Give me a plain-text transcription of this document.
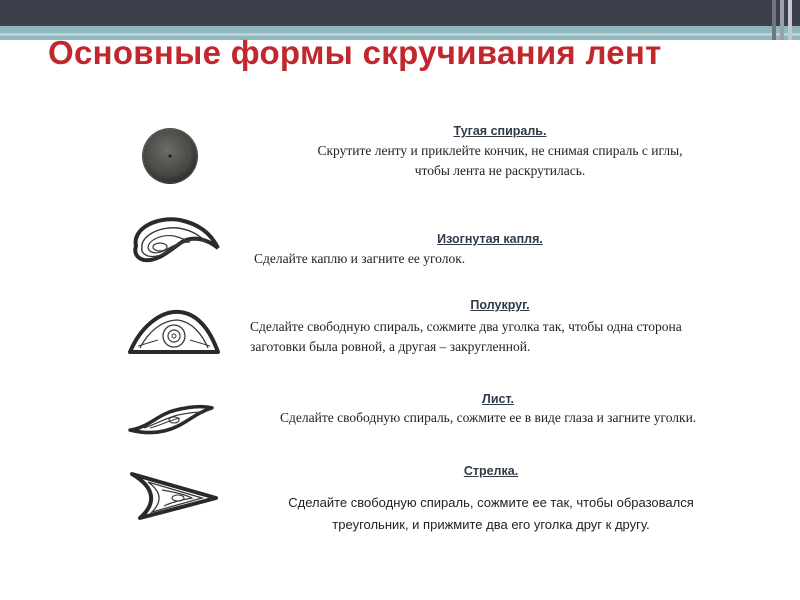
Основные формы скручивания лент
Тугая спираль.
Скрутите ленту и приклейте кончик, не снимая спираль с иглы,
чтобы лента не раскрутилась.
Изогнутая капля.
Сделайте каплю и загните ее уголок.
Полукруг.
Сделайте свободную спираль, сожмите два уголка так, чтобы одна сторона
заготовки была ровной, а другая – закругленной.
Лист.
Сделайте свободную спираль, сожмите ее в виде глаза и загните уголки.
Стрелка.
Сделайте свободную спираль, сожмите ее так, чтобы образовался
треугольник, и прижмите два его уголка друг к другу.
